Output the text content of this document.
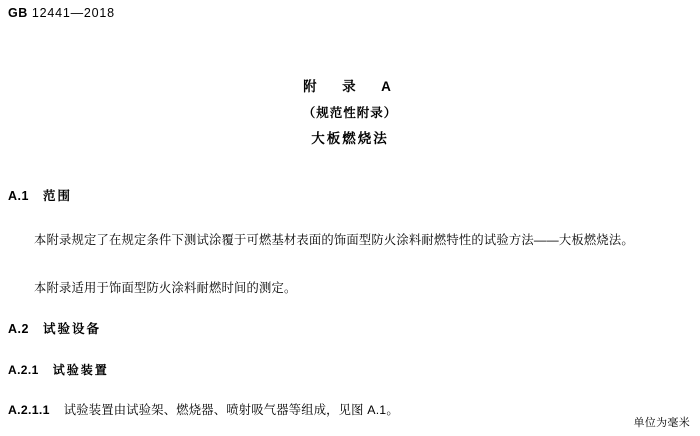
GB 12441—2018
附　录　A
（规范性附录）
大板燃烧法
A.1 范围
本附录规定了在规定条件下测试涂覆于可燃基材表面的饰面型防火涂料耐燃特性的试验方法——大板燃烧法。
本附录适用于饰面型防火涂料耐燃时间的测定。
A.2 试验设备
A.2.1 试验装置
A.2.1.1 试验装置由试验架、燃烧器、喷射吸气器等组成，见图 A.1。
单位为毫米
